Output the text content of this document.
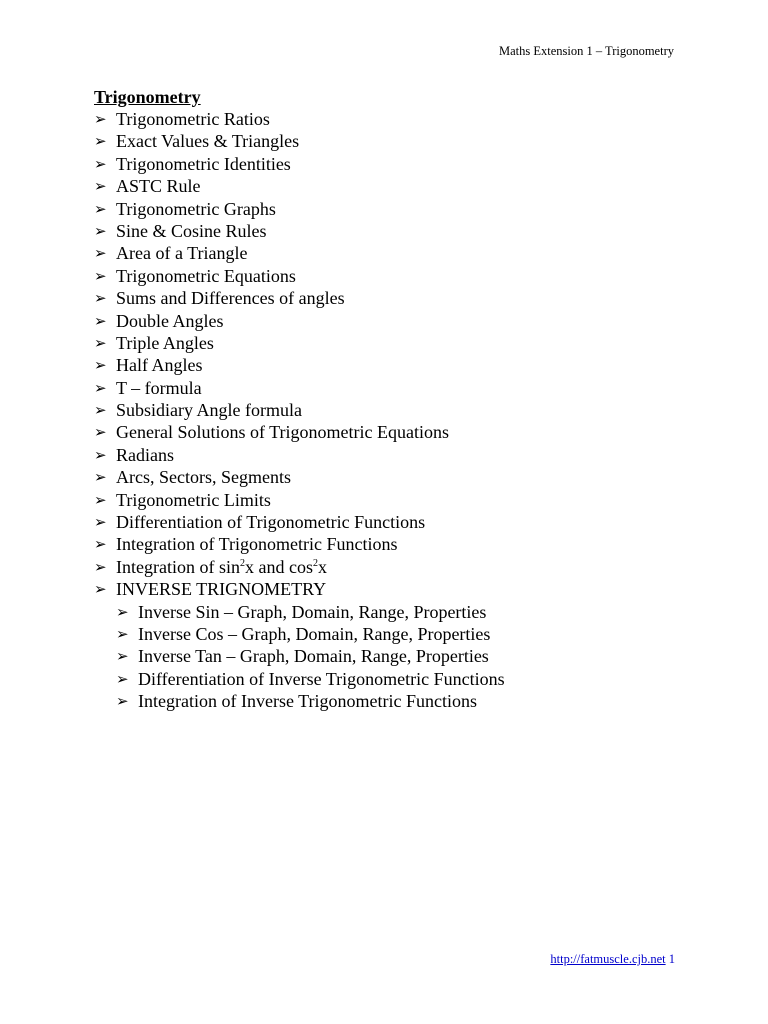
Maths Extension 1 – Trigonometry
Trigonometry
➢ Trigonometric Ratios
➢ Exact Values & Triangles
➢ Trigonometric Identities
➢ ASTC Rule
➢ Trigonometric Graphs
➢ Sine & Cosine Rules
➢ Area of a Triangle
➢ Trigonometric Equations
➢ Sums and Differences of angles
➢ Double Angles
➢ Triple Angles
➢ Half Angles
➢ T – formula
➢ Subsidiary Angle formula
➢ General Solutions of Trigonometric Equations
➢ Radians
➢ Arcs, Sectors, Segments
➢ Trigonometric Limits
➢ Differentiation of Trigonometric Functions
➢ Integration of Trigonometric Functions
➢ Integration of $\sin^2x$ and $\cos^2x$
➢ INVERSE TRIGNOMETRY
➢ Inverse Sin – Graph, Domain, Range, Properties
➢ Inverse Cos – Graph, Domain, Range, Properties
➢ Inverse Tan – Graph, Domain, Range, Properties
➢ Differentiation of Inverse Trigonometric Functions
➢ Integration of Inverse Trigonometric Functions
http://fatmuscle.cjb.net 1
